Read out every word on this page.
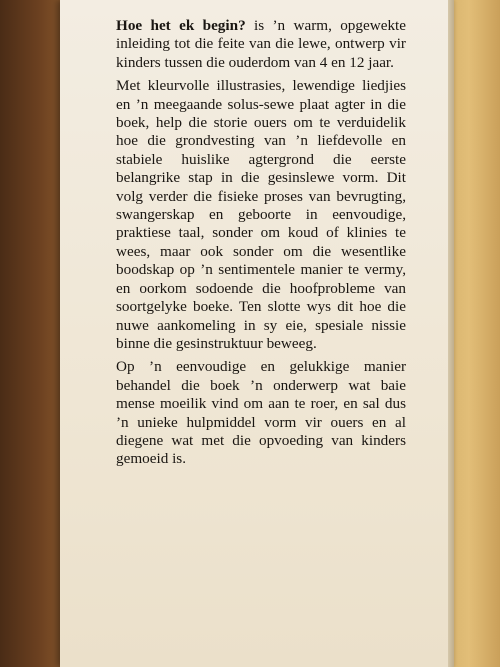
Hoe het ek begin? is ’n warm, opgewekte inleiding tot die feite van die lewe, ontwerp vir kinders tussen die ouderdom van 4 en 12 jaar.

Met kleurvolle illustrasies, lewendige liedjies en ’n meegaande solus-sewe plaat agter in die boek, help die storie ouers om te verduidelik hoe die grondvesting van ’n liefdevolle en stabiele huislike agtergrond die eerste belangrike stap in die gesinslewe vorm. Dit volg verder die fisieke proses van bevrugting, swangerskap en geboorte in eenvoudige, praktiese taal, sonder om koud of klinies te wees, maar ook sonder om die wesentlike boodskap op ’n sentimentele manier te vermy, en oorkom sodoende die hoofprobleme van soortgelyke boeke. Ten slotte wys dit hoe die nuwe aankomeling in sy eie, spesiale nissie binne die gesinstruktuur beweeg.

Op ’n eenvoudige en gelukkige manier behandel die boek ’n onderwerp wat baie mense moeilik vind om aan te roer, en sal dus ’n unieke hulpmiddel vorm vir ouers en al diegene wat met die opvoeding van kinders gemoeid is.
